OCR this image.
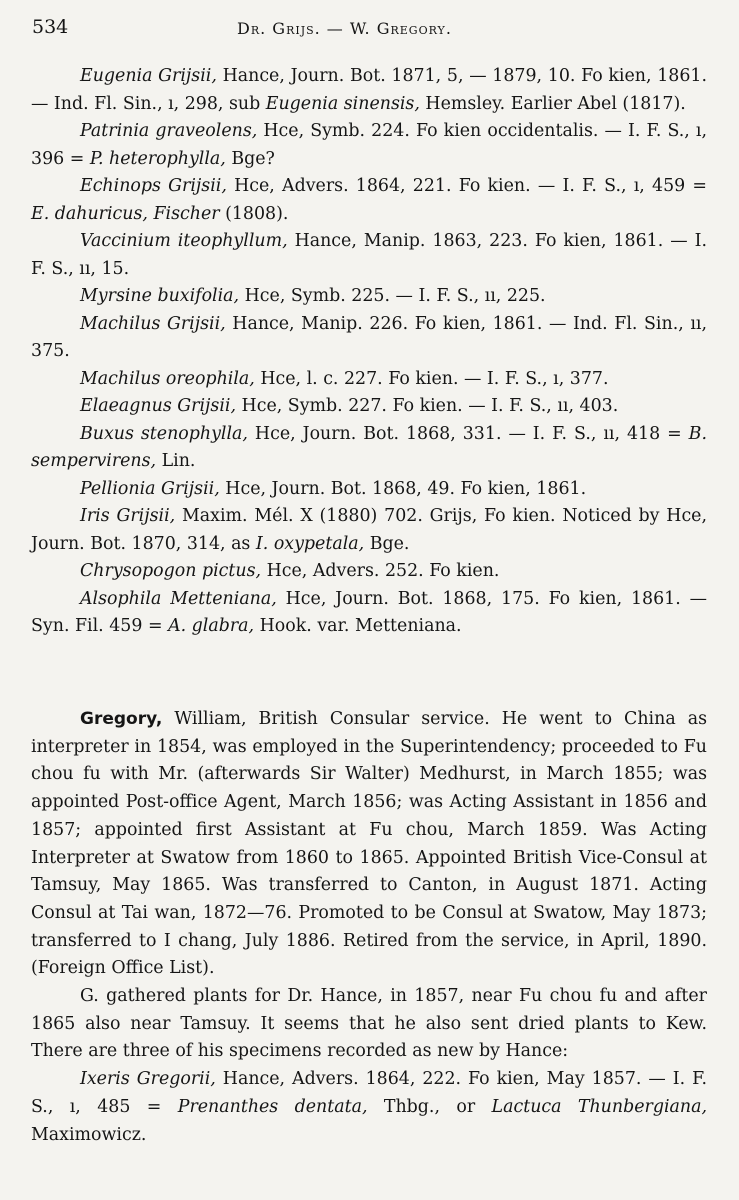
534	Dr. Grijs. — W. Gregory.

Eugenia Grijsii, Hance, Journ. Bot. 1871, 5, — 1879, 10. Fo kien, 1861. — Ind. Fl. Sin., ı, 298, sub Eugenia sinensis, Hemsley. Earlier Abel (1817).

Patrinia graveolens, Hce, Symb. 224. Fo kien occidentalis. — I. F. S., ı, 396 = P. heterophylla, Bge?

Echinops Grijsii, Hce, Advers. 1864, 221. Fo kien. — I. F. S., ı, 459 = E. dahuricus, Fischer (1808).

Vaccinium iteophyllum, Hance, Manip. 1863, 223. Fo kien, 1861. — I. F. S., ıı, 15.

Myrsine buxifolia, Hce, Symb. 225. — I. F. S., ıı, 225.

Machilus Grijsii, Hance, Manip. 226. Fo kien, 1861. — Ind. Fl. Sin., ıı, 375.

Machilus oreophila, Hce, l. c. 227. Fo kien. — I. F. S., ı, 377.

Elaeagnus Grijsii, Hce, Symb. 227. Fo kien. — I. F. S., ıı, 403.

Buxus stenophylla, Hce, Journ. Bot. 1868, 331. — I. F. S., ıı, 418 = B. sempervirens, Lin.

Pellionia Grijsii, Hce, Journ. Bot. 1868, 49. Fo kien, 1861.

Iris Grijsii, Maxim. Mél. X (1880) 702. Grijs, Fo kien. Noticed by Hce, Journ. Bot. 1870, 314, as I. oxypetala, Bge.

Chrysopogon pictus, Hce, Advers. 252. Fo kien.

Alsophila Metteniana, Hce, Journ. Bot. 1868, 175. Fo kien, 1861. — Syn. Fil. 459 = A. glabra, Hook. var. Metteniana.

Gregory, William, British Consular service. He went to China as interpreter in 1854, was employed in the Superintendency; proceeded to Fu chou fu with Mr. (afterwards Sir Walter) Medhurst, in March 1855; was appointed Post-office Agent, March 1856; was Acting Assistant in 1856 and 1857; appointed first Assistant at Fu chou, March 1859. Was Acting Interpreter at Swatow from 1860 to 1865. Appointed British Vice-Consul at Tamsuy, May 1865. Was transferred to Canton, in August 1871. Acting Consul at Tai wan, 1872—76. Promoted to be Consul at Swatow, May 1873; transferred to I chang, July 1886. Retired from the service, in April, 1890. (Foreign Office List).

G. gathered plants for Dr. Hance, in 1857, near Fu chou fu and after 1865 also near Tamsuy. It seems that he also sent dried plants to Kew. There are three of his specimens recorded as new by Hance:

Ixeris Gregorii, Hance, Advers. 1864, 222. Fo kien, May 1857. — I. F. S., ı, 485 = Prenanthes dentata, Thbg., or Lactuca Thunbergiana, Maximowicz.
